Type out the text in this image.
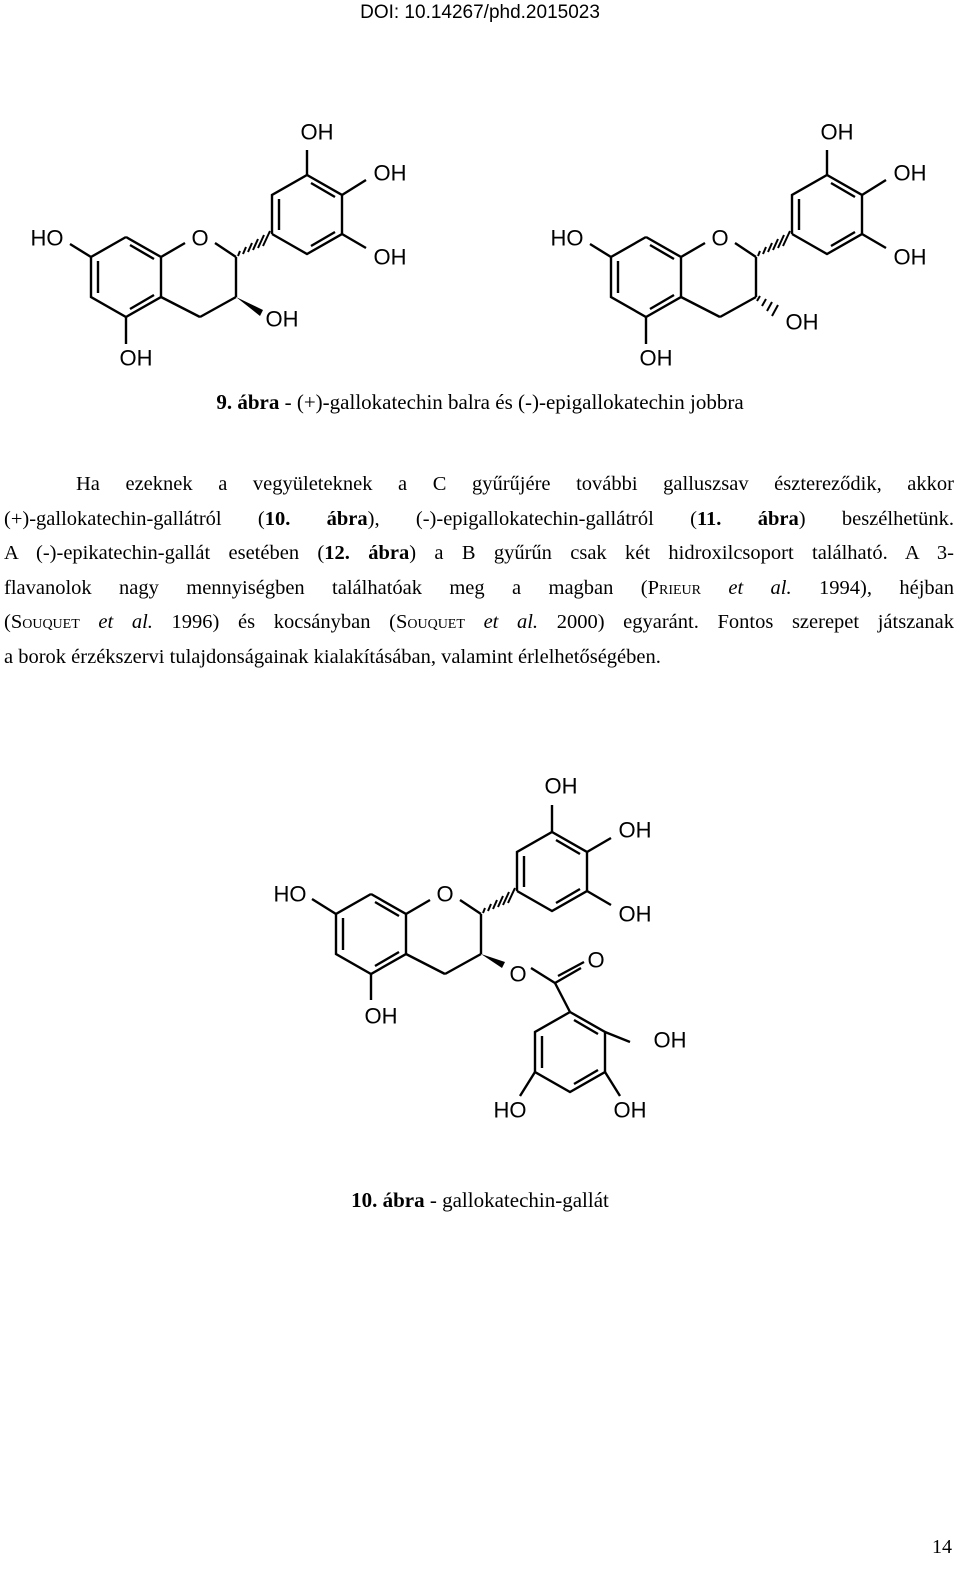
DOI: 10.14267/phd.2015023
O
HO
OH
OH
OH
OH
OH
O
HO
OH
OH
OH
OH
OH
9. ábra - (+)-gallokatechin balra és (-)-epigallokatechin jobbra
Ha ezeknek a vegyületeknek a C gyűrűjére további galluszsav észtereződik, akkor
(+)-gallokatechin-gallátról (10. ábra), (-)-epigallokatechin-gallátról (11. ábra) beszélhetünk.
A (-)-epikatechin-gallát esetében (12. ábra) a B gyűrűn csak két hidroxilcsoport található. A 3-
flavanolok nagy mennyiségben találhatóak meg a magban (Prieur et al. 1994), héjban
(Souquet et al. 1996) és kocsányban (Souquet et al. 2000) egyaránt. Fontos szerepet játszanak
a borok érzékszervi tulajdonságainak kialakításában, valamint érlelhetőségében.
O
HO
OH
O
O
OH
OH
OH
OH
HO	OH
10. ábra - gallokatechin-gallát
14
